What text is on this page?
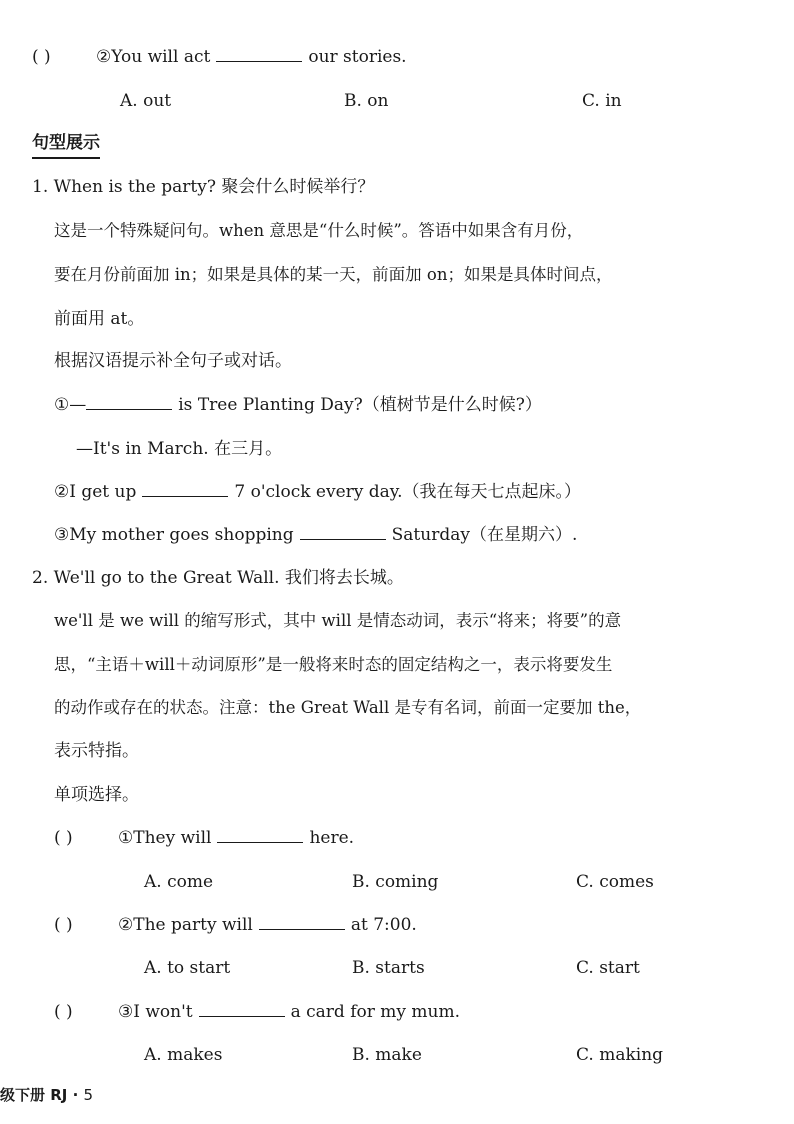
( )	②You will act	our stories.
A. out	B. on	C. in
句型展示
1. When is the party? 聚会什么时候举行？
这是一个特殊疑问句。when 意思是“什么时候”。答语中如果含有月份，
要在月份前面加 in；如果是具体的某一天，前面加 on；如果是具体时间点，
前面用 at。
根据汉语提示补全句子或对话。
①—	is Tree Planting Day?（植树节是什么时候?）
—It's in March. 在三月。
②I get up	7 o'clock every day.（我在每天七点起床。）
③My mother goes shopping	Saturday（在星期六）.
2. We'll go to the Great Wall. 我们将去长城。
we'll 是 we will 的缩写形式，其中 will 是情态动词，表示“将来；将要”的意
思，“主语＋will＋动词原形”是一般将来时态的固定结构之一，表示将要发生
的动作或存在的状态。注意：the Great Wall 是专有名词，前面一定要加 the，
表示特指。
单项选择。
( )	①They will	here.
A. come	B. coming	C. comes
( )	②The party will	at 7:00.
A. to start	B. starts	C. start
( )	③I won't	a card for my mum.
A. makes	B. make	C. making
级下册 RJ · 5
